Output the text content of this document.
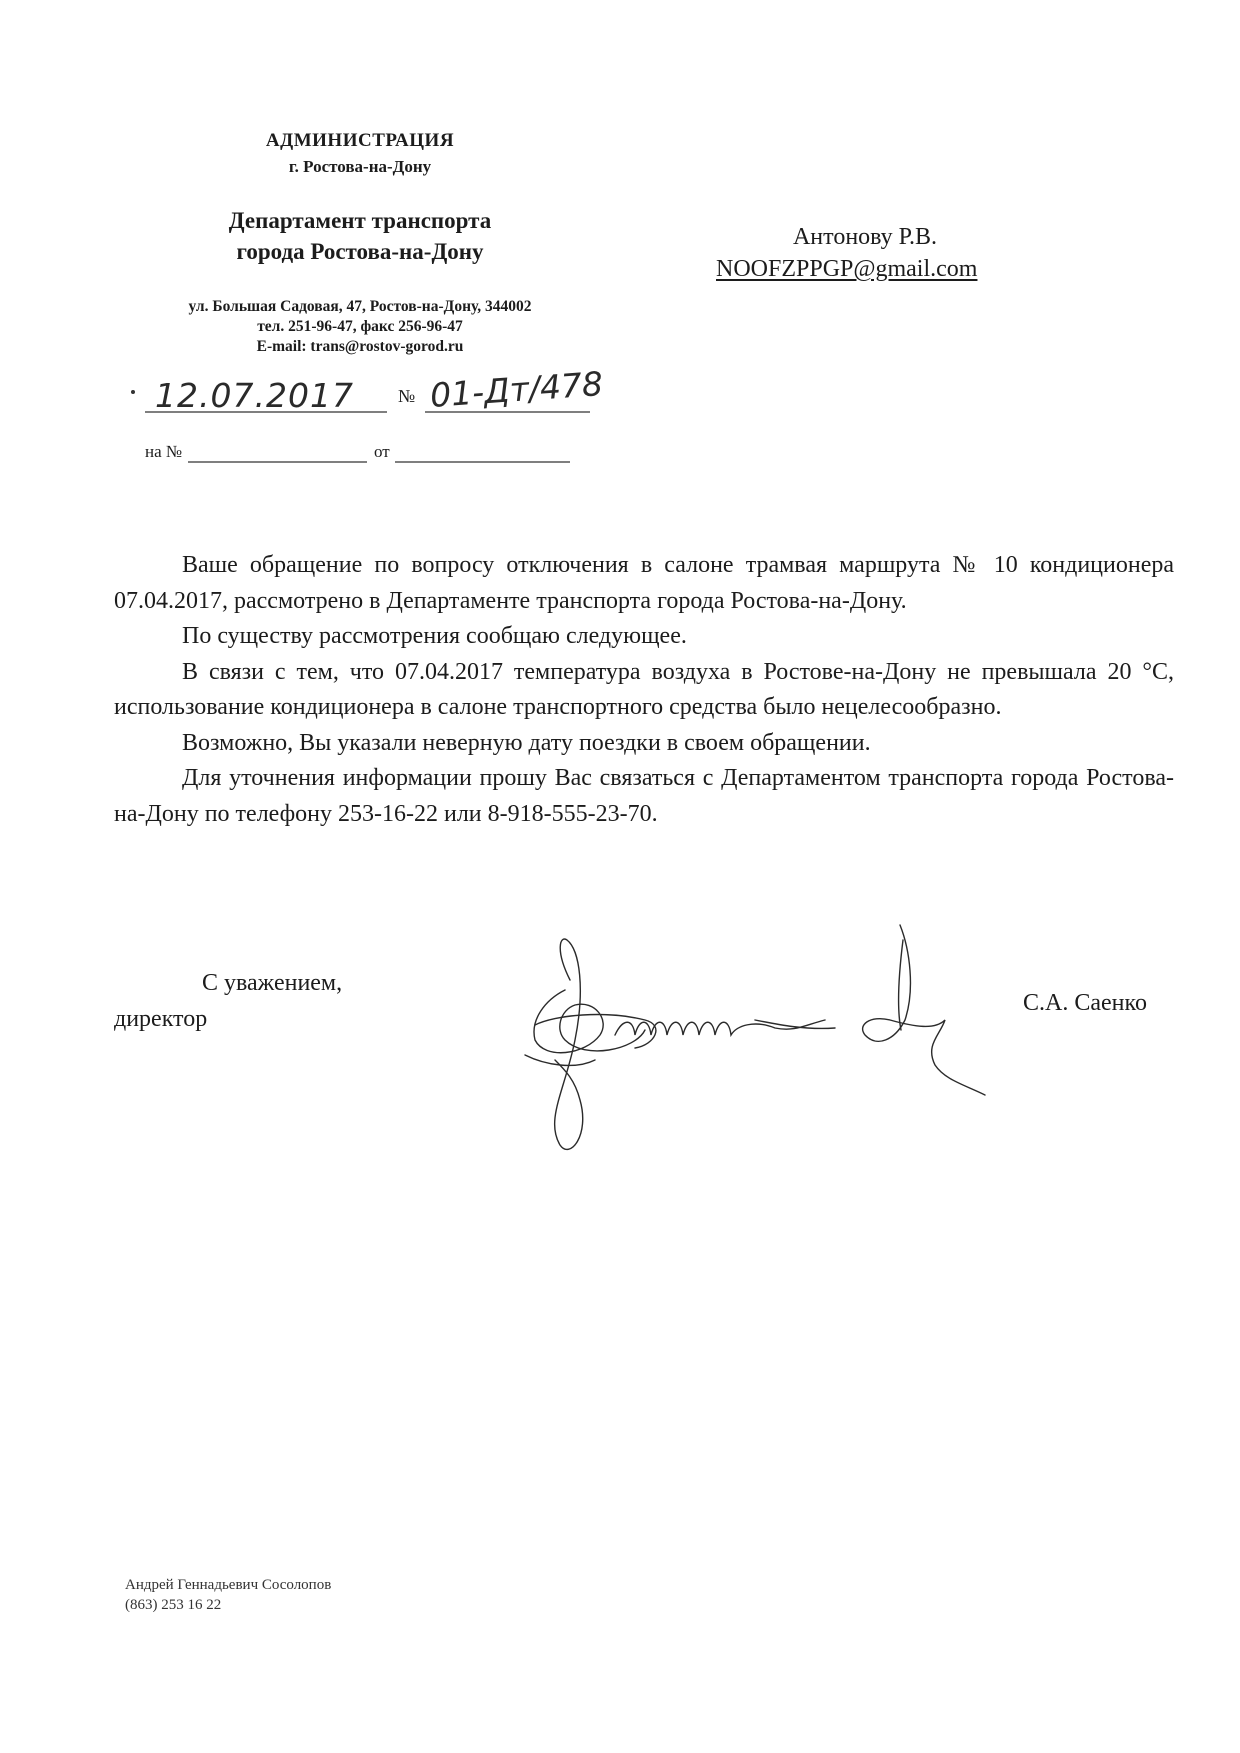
АДМИНИСТРАЦИЯ
г. Ростова-на-Дону
Департамент транспорта
города Ростова-на-Дону
ул. Большая Садовая, 47, Ростов-на-Дону, 344002
тел. 251-96-47, факс 256-96-47
E-mail: trans@rostov-gorod.ru
Антонову Р.В.
NOOFZPPGP@gmail.com
12.07.2017 № 01-Дт/478
на №	от

Ваше обращение по вопросу отключения в салоне трамвая маршрута № 10 кондиционера 07.04.2017, рассмотрено в Департаменте транспорта города Ростова-на-Дону.

По существу рассмотрения сообщаю следующее.

В связи с тем, что 07.04.2017 температура воздуха в Ростове-на-Дону не превышала 20 °С, использование кондиционера в салоне транспортного средства было нецелесообразно.

Возможно, Вы указали неверную дату поездки в своем обращении.

Для уточнения информации прошу Вас связаться с Департаментом транспорта города Ростова-на-Дону по телефону 253-16-22 или 8-918-555-23-70.

С уважением,
директор
С.А. Саенко
Андрей Геннадьевич Сосолопов
(863) 253 16 22
